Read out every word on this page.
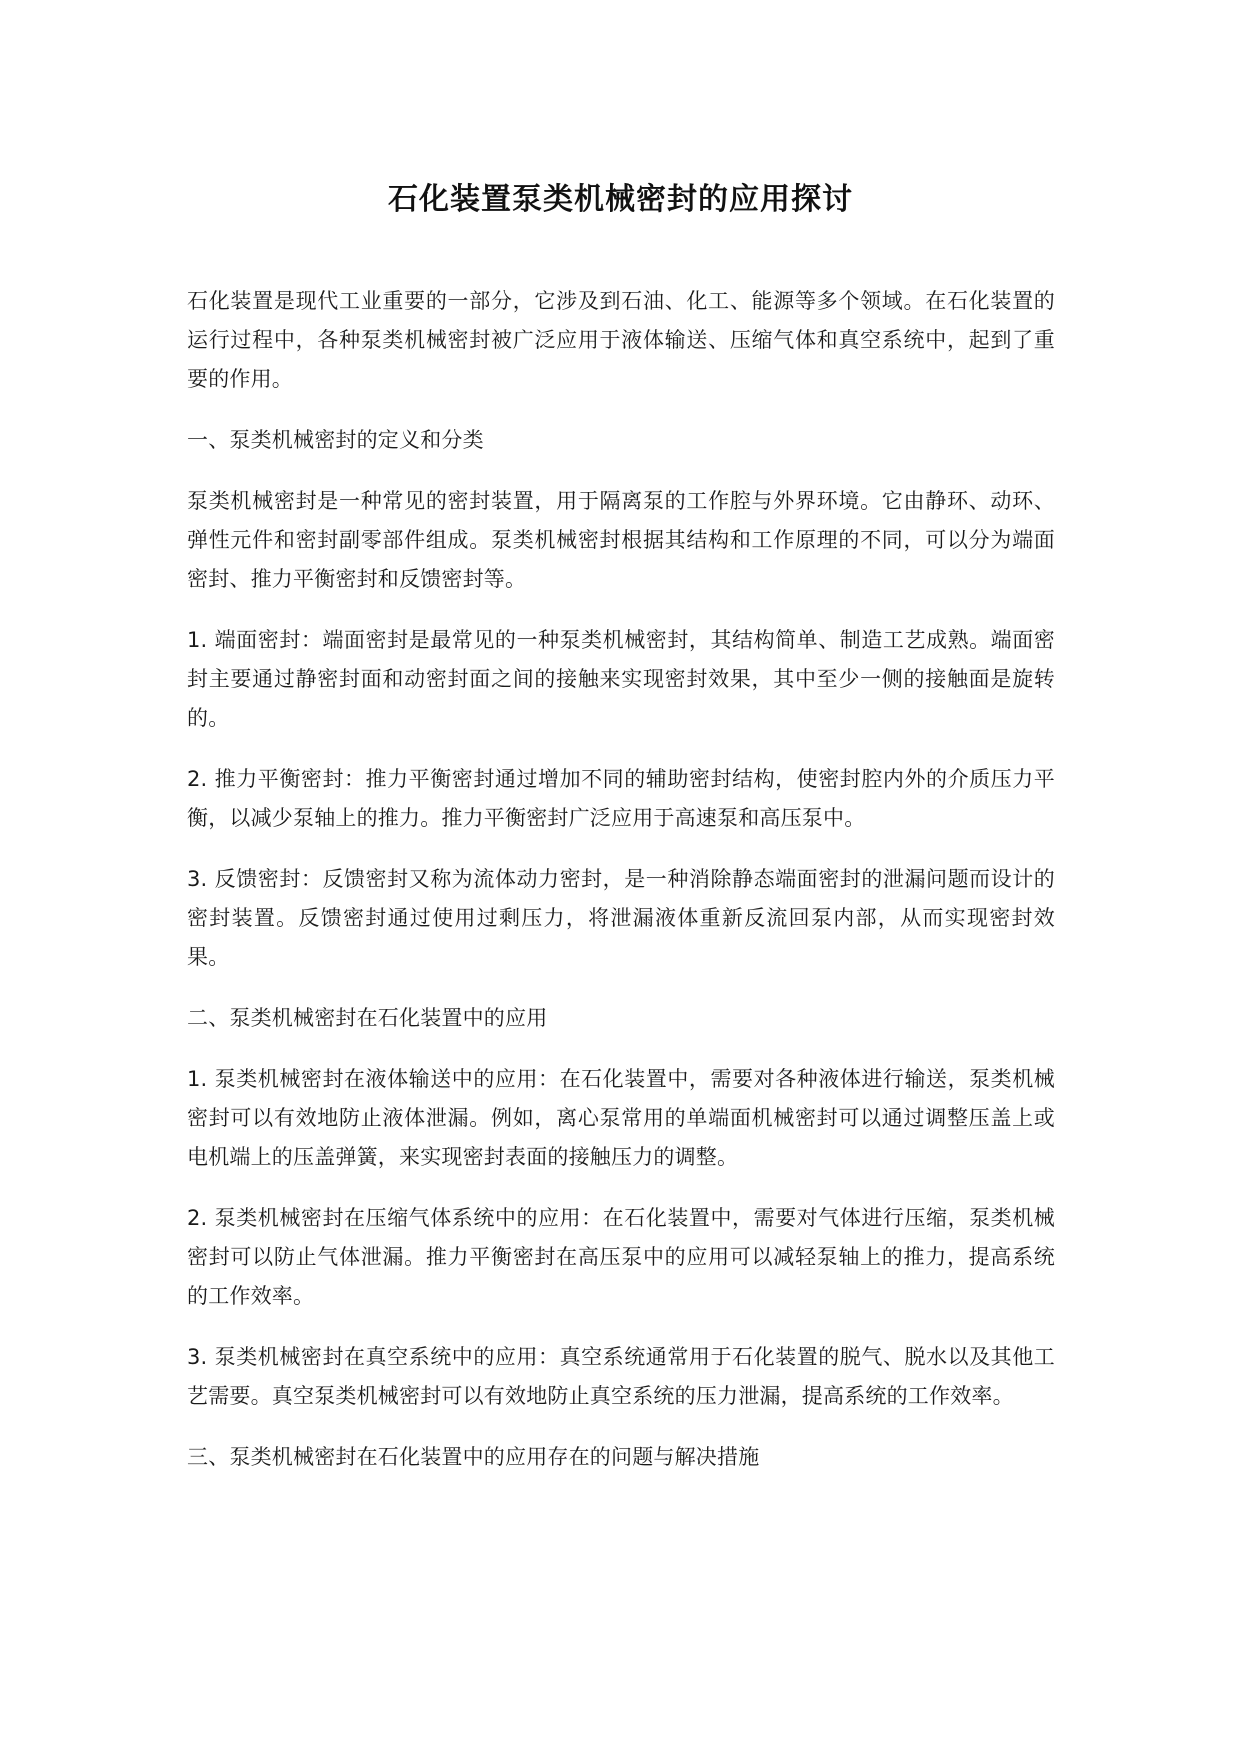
石化装置泵类机械密封的应用探讨

石化装置是现代工业重要的一部分，它涉及到石油、化工、能源等多个领域。在石化装置的运行过程中，各种泵类机械密封被广泛应用于液体输送、压缩气体和真空系统中，起到了重要的作用。

一、泵类机械密封的定义和分类

泵类机械密封是一种常见的密封装置，用于隔离泵的工作腔与外界环境。它由静环、动环、弹性元件和密封副零部件组成。泵类机械密封根据其结构和工作原理的不同，可以分为端面密封、推力平衡密封和反馈密封等。

1. 端面密封：端面密封是最常见的一种泵类机械密封，其结构简单、制造工艺成熟。端面密封主要通过静密封面和动密封面之间的接触来实现密封效果，其中至少一侧的接触面是旋转的。

2. 推力平衡密封：推力平衡密封通过增加不同的辅助密封结构，使密封腔内外的介质压力平衡，以减少泵轴上的推力。推力平衡密封广泛应用于高速泵和高压泵中。

3. 反馈密封：反馈密封又称为流体动力密封，是一种消除静态端面密封的泄漏问题而设计的密封装置。反馈密封通过使用过剩压力，将泄漏液体重新反流回泵内部，从而实现密封效果。

二、泵类机械密封在石化装置中的应用

1. 泵类机械密封在液体输送中的应用：在石化装置中，需要对各种液体进行输送，泵类机械密封可以有效地防止液体泄漏。例如，离心泵常用的单端面机械密封可以通过调整压盖上或电机端上的压盖弹簧，来实现密封表面的接触压力的调整。

2. 泵类机械密封在压缩气体系统中的应用：在石化装置中，需要对气体进行压缩，泵类机械密封可以防止气体泄漏。推力平衡密封在高压泵中的应用可以减轻泵轴上的推力，提高系统的工作效率。

3. 泵类机械密封在真空系统中的应用：真空系统通常用于石化装置的脱气、脱水以及其他工艺需要。真空泵类机械密封可以有效地防止真空系统的压力泄漏，提高系统的工作效率。

三、泵类机械密封在石化装置中的应用存在的问题与解决措施
